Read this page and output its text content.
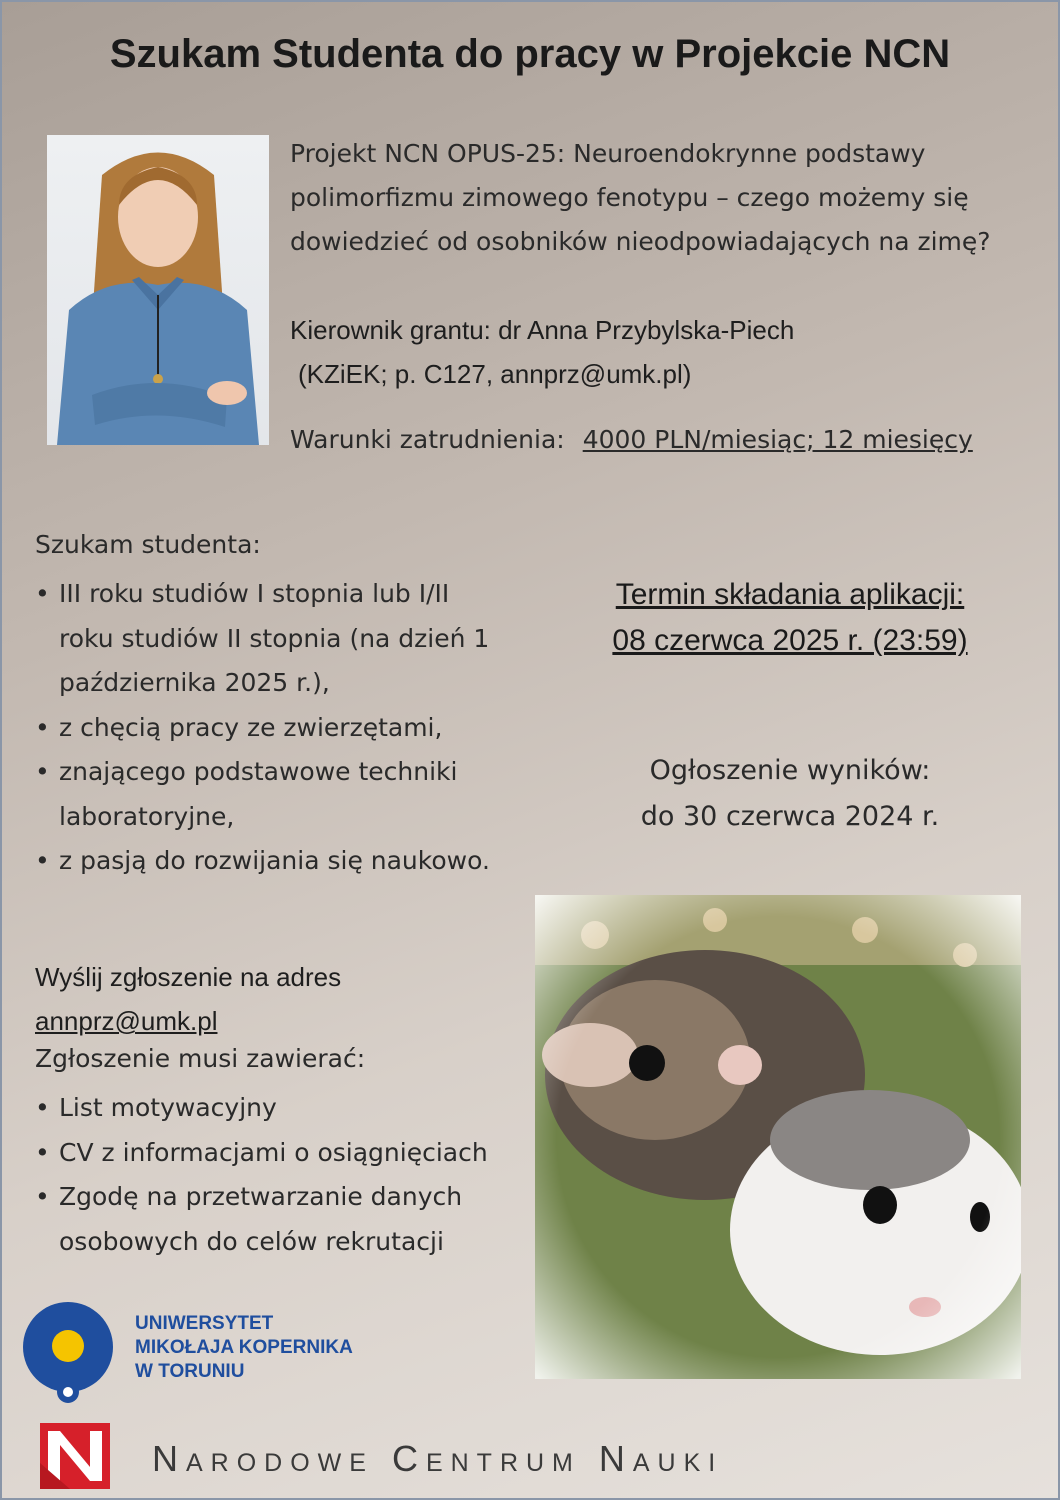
Szukam Studenta do pracy w Projekcie NCN
Projekt NCN OPUS-25: Neuroendokrynne podstawy
polimorfizmu zimowego fenotypu – czego możemy się
dowiedzieć od osobników nieodpowiadających na zimę?
Kierownik grantu: dr Anna Przybylska-Piech
(KZiEK; p. C127, annprz@umk.pl)
Warunki zatrudnienia: 4000 PLN/miesiąc; 12 miesięcy
Szukam studenta:
• III roku studiów I stopnia lub I/II roku studiów II stopnia (na dzień 1 października 2025 r.),
• z chęcią pracy ze zwierzętami,
• znającego podstawowe techniki laboratoryjne,
• z pasją do rozwijania się naukowo.
Termin składania aplikacji:
08 czerwca 2025 r. (23:59)
Ogłoszenie wyników:
do 30 czerwca 2024 r.
Wyślij zgłoszenie na adres
annprz@umk.pl
Zgłoszenie musi zawierać:
• List motywacyjny
• CV z informacjami o osiągnięciach
• Zgodę na przetwarzanie danych osobowych do celów rekrutacji
UNIWERSYTET
MIKOŁAJA KOPERNIKA
W TORUNIU
Narodowe Centrum Nauki
